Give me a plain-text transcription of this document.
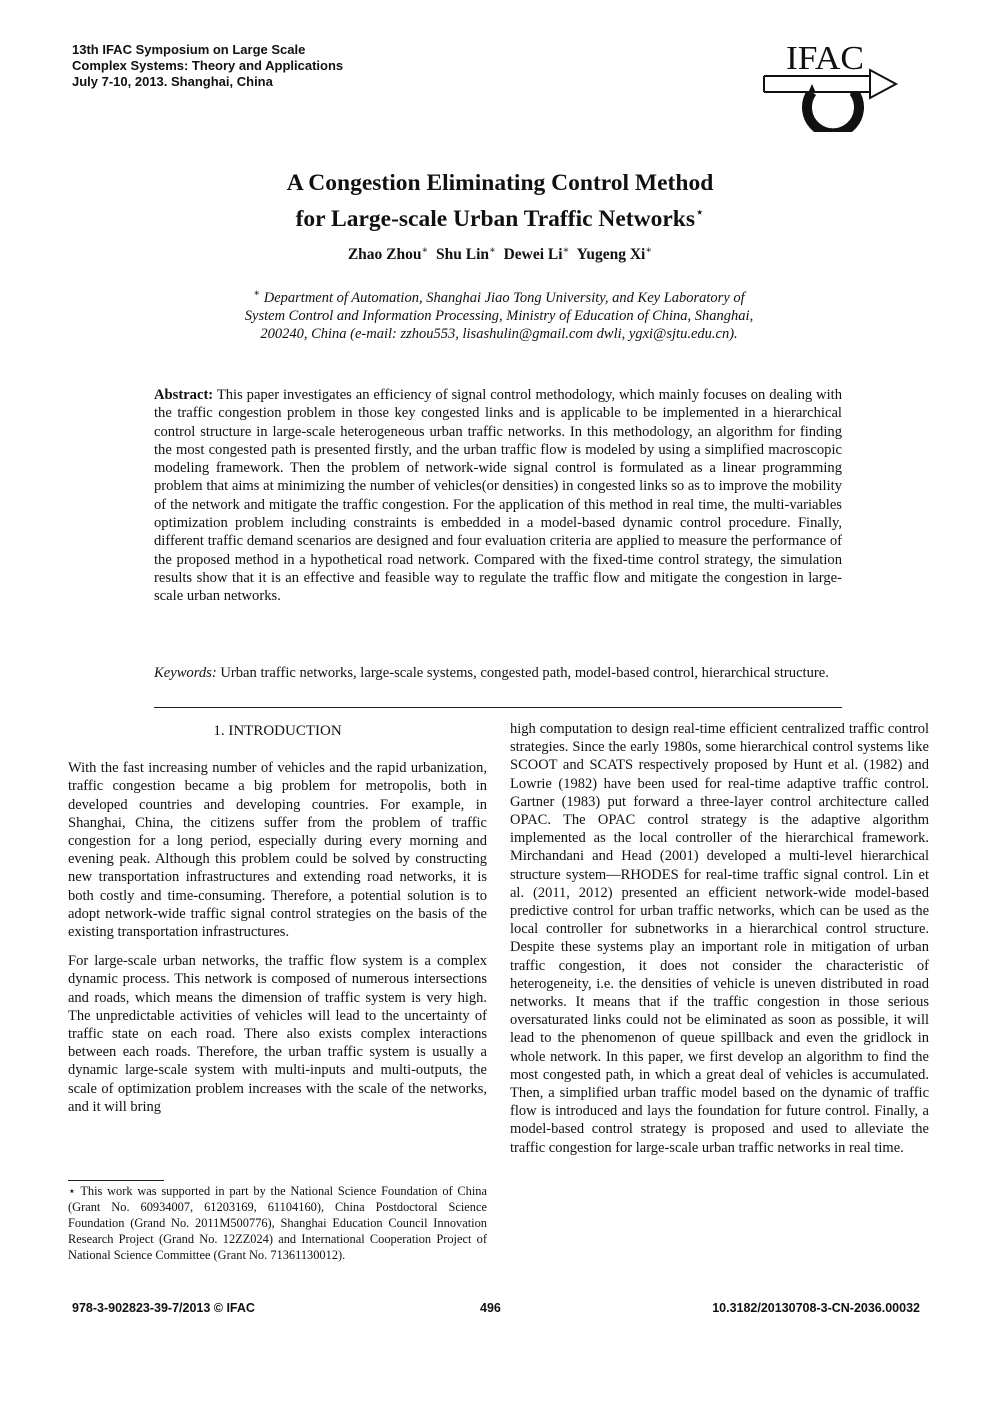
13th IFAC Symposium on Large Scale
Complex Systems: Theory and Applications
July 7-10, 2013. Shanghai, China
IFAC
A Congestion Eliminating Control Method
for Large-scale Urban Traffic Networks⋆
Zhao Zhou∗ Shu Lin∗ Dewei Li∗ Yugeng Xi∗
∗ Department of Automation, Shanghai Jiao Tong University, and Key Laboratory of System Control and Information Processing, Ministry of Education of China, Shanghai, 200240, China (e-mail: zzhou553, lisashulin@gmail.com dwli, ygxi@sjtu.edu.cn).
Abstract: This paper investigates an efficiency of signal control methodology, which mainly focuses on dealing with the traffic congestion problem in those key congested links and is applicable to be implemented in a hierarchical control structure in large-scale heterogeneous urban traffic networks. In this methodology, an algorithm for finding the most congested path is presented firstly, and the urban traffic flow is modeled by using a simplified macroscopic modeling framework. Then the problem of network-wide signal control is formulated as a linear programming problem that aims at minimizing the number of vehicles(or densities) in congested links so as to improve the mobility of the network and mitigate the traffic congestion. For the application of this method in real time, the multi-variables optimization problem including constraints is embedded in a model-based dynamic control procedure. Finally, different traffic demand scenarios are designed and four evaluation criteria are applied to measure the performance of the proposed method in a hypothetical road network. Compared with the fixed-time control strategy, the simulation results show that it is an effective and feasible way to regulate the traffic flow and mitigate the congestion in large-scale urban networks.
Keywords: Urban traffic networks, large-scale systems, congested path, model-based control, hierarchical structure.
1. INTRODUCTION

With the fast increasing number of vehicles and the rapid urbanization, traffic congestion became a big problem for metropolis, both in developed countries and developing countries. For example, in Shanghai, China, the citizens suffer from the problem of traffic congestion for a long period, especially during every morning and evening peak. Although this problem could be solved by constructing new transportation infrastructures and extending road networks, it is both costly and time-consuming. Therefore, a potential solution is to adopt network-wide traffic signal control strategies on the basis of the existing transportation infrastructures.

For large-scale urban networks, the traffic flow system is a complex dynamic process. This network is composed of numerous intersections and roads, which means the dimension of traffic system is very high. The unpredictable activities of vehicles will lead to the uncertainty of traffic state on each road. There also exists complex interactions between each roads. Therefore, the urban traffic system is usually a dynamic large-scale system with multi-inputs and multi-outputs, the scale of optimization problem increases with the scale of the networks, and it will bring

high computation to design real-time efficient centralized traffic control strategies. Since the early 1980s, some hierarchical control systems like SCOOT and SCATS respectively proposed by Hunt et al. (1982) and Lowrie (1982) have been used for real-time adaptive traffic control. Gartner (1983) put forward a three-layer control architecture called OPAC. The OPAC control strategy is the adaptive algorithm implemented as the local controller of the hierarchical framework. Mirchandani and Head (2001) developed a multi-level hierarchical structure system—RHODES for real-time traffic signal control. Lin et al. (2011, 2012) presented an efficient network-wide model-based predictive control for urban traffic networks, which can be used as the local controller for subnetworks in a hierarchical control structure. Despite these systems play an important role in mitigation of urban traffic congestion, it does not consider the characteristic of heterogeneity, i.e. the densities of vehicle is uneven distributed in road networks. It means that if the traffic congestion in those serious oversaturated links could not be eliminated as soon as possible, it will lead to the phenomenon of queue spillback and even the gridlock in whole network. In this paper, we first develop an algorithm to find the most congested path, in which a great deal of vehicles is accumulated. Then, a simplified urban traffic model based on the dynamic of traffic flow is introduced and lays the foundation for future control. Finally, a model-based control strategy is proposed and used to alleviate the traffic congestion for large-scale urban traffic networks in real time.

⋆ This work was supported in part by the National Science Foundation of China (Grant No. 60934007, 61203169, 61104160), China Postdoctoral Science Foundation (Grand No. 2011M500776), Shanghai Education Council Innovation Research Project (Grand No. 12ZZ024) and International Cooperation Project of National Science Committee (Grant No. 71361130012).
978-3-902823-39-7/2013 © IFAC	496	10.3182/20130708-3-CN-2036.00032
